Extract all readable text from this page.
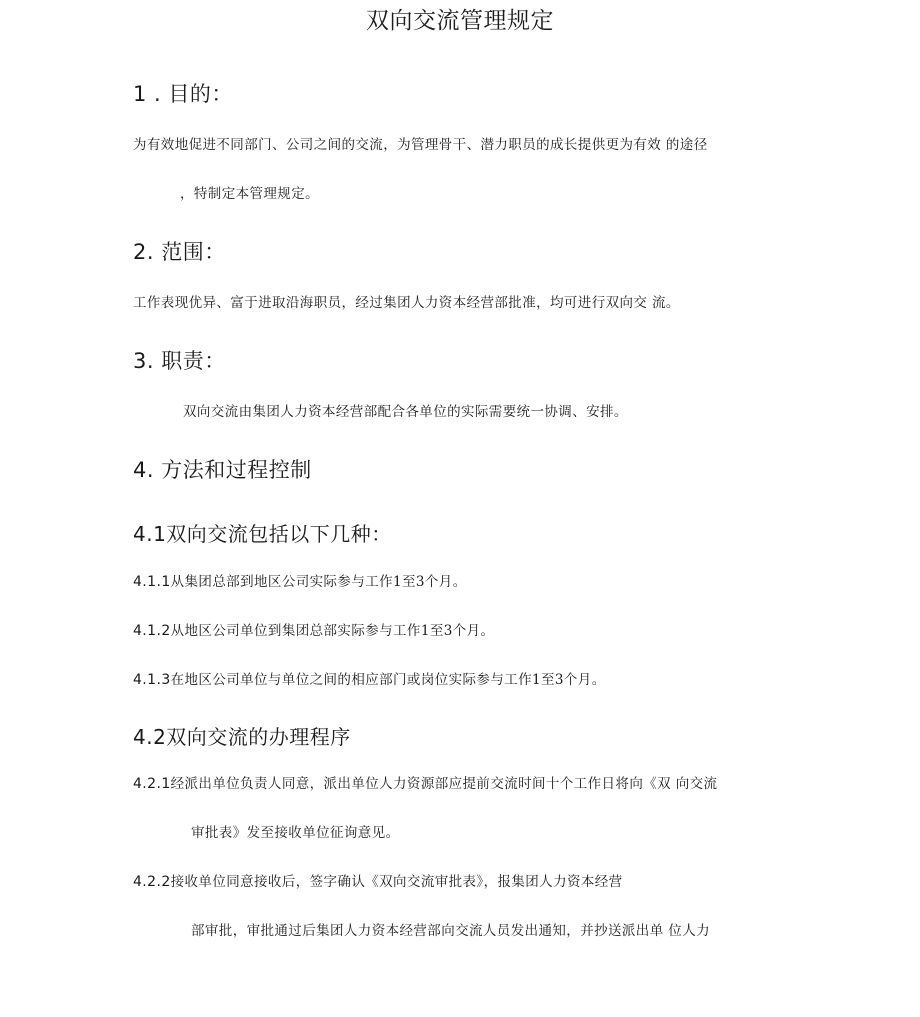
双向交流管理规定
1 . 目的：
为有效地促进不同部门、公司之间的交流，为管理骨干、潜力职员的成长提供更为有效 的途径
，特制定本管理规定。
2. 范围：
工作表现优异、富于进取沿海职员，经过集团人力资本经营部批准，均可进行双向交 流。
3. 职责：
双向交流由集团人力资本经营部配合各单位的实际需要统一协调、安排。
4. 方法和过程控制
4.1双向交流包括以下几种：
4.1.1从集团总部到地区公司实际参与工作1至3个月。
4.1.2从地区公司单位到集团总部实际参与工作1至3个月。
4.1.3在地区公司单位与单位之间的相应部门或岗位实际参与工作1至3个月。
4.2双向交流的办理程序
4.2.1经派出单位负责人同意，派出单位人力资源部应提前交流时间十个工作日将向《双 向交流
审批表》发至接收单位征询意见。
4.2.2接收单位同意接收后，签字确认《双向交流审批表》，报集团人力资本经营
部审批，审批通过后集团人力资本经营部向交流人员发出通知，并抄送派出单 位人力
